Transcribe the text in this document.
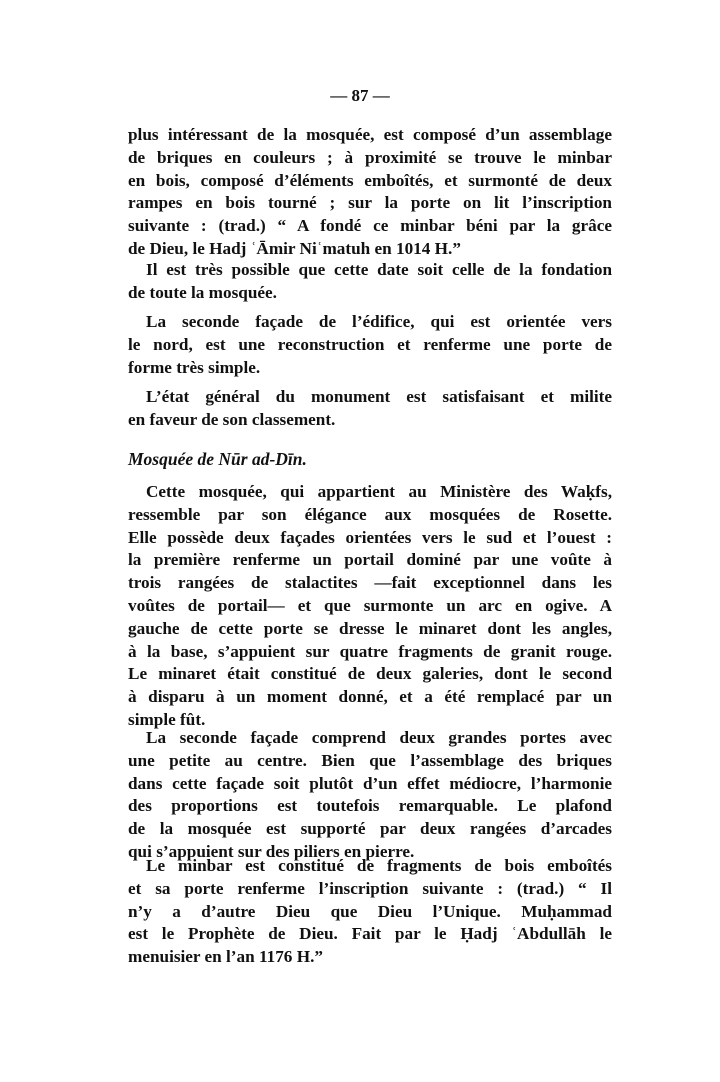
— 87 —
plus intéressant de la mosquée, est composé d’un assemblage
de briques en couleurs ; à proximité se trouve le minbar
en bois, composé d’éléments emboîtés, et surmonté de deux
rampes en bois tourné ; sur la porte on lit l’inscription
suivante : (trad.) “ A fondé ce minbar béni par la grâce
de Dieu, le Hadj ʿĀmir Niʿmatuh en 1014 H.”
Il est très possible que cette date soit celle de la fondation
de toute la mosquée.
La seconde façade de l’édifice, qui est orientée vers
le nord, est une reconstruction et renferme une porte de
forme très simple.
L’état général du monument est satisfaisant et milite
en faveur de son classement.
Mosquée de Nūr ad-Dīn.
Cette mosquée, qui appartient au Ministère des Waḳfs,
ressemble par son élégance aux mosquées de Rosette.
Elle possède deux façades orientées vers le sud et l’ouest :
la première renferme un portail dominé par une voûte à
trois rangées de stalactites —fait exceptionnel dans les
voûtes de portail— et que surmonte un arc en ogive. A
gauche de cette porte se dresse le minaret dont les angles,
à la base, s’appuient sur quatre fragments de granit rouge.
Le minaret était constitué de deux galeries, dont le second
à disparu à un moment donné, et a été remplacé par un
simple fût.
La seconde façade comprend deux grandes portes avec
une petite au centre. Bien que l’assemblage des briques
dans cette façade soit plutôt d’un effet médiocre, l’harmonie
des proportions est toutefois remarquable. Le plafond
de la mosquée est supporté par deux rangées d’arcades
qui s’appuient sur des piliers en pierre.
Le minbar est constitué de fragments de bois emboîtés
et sa porte renferme l’inscription suivante : (trad.) “ Il
n’y a d’autre Dieu que Dieu l’Unique. Muḥammad
est le Prophète de Dieu. Fait par le Ḥadj ʿAbdullāh le
menuisier en l’an 1176 H.”
